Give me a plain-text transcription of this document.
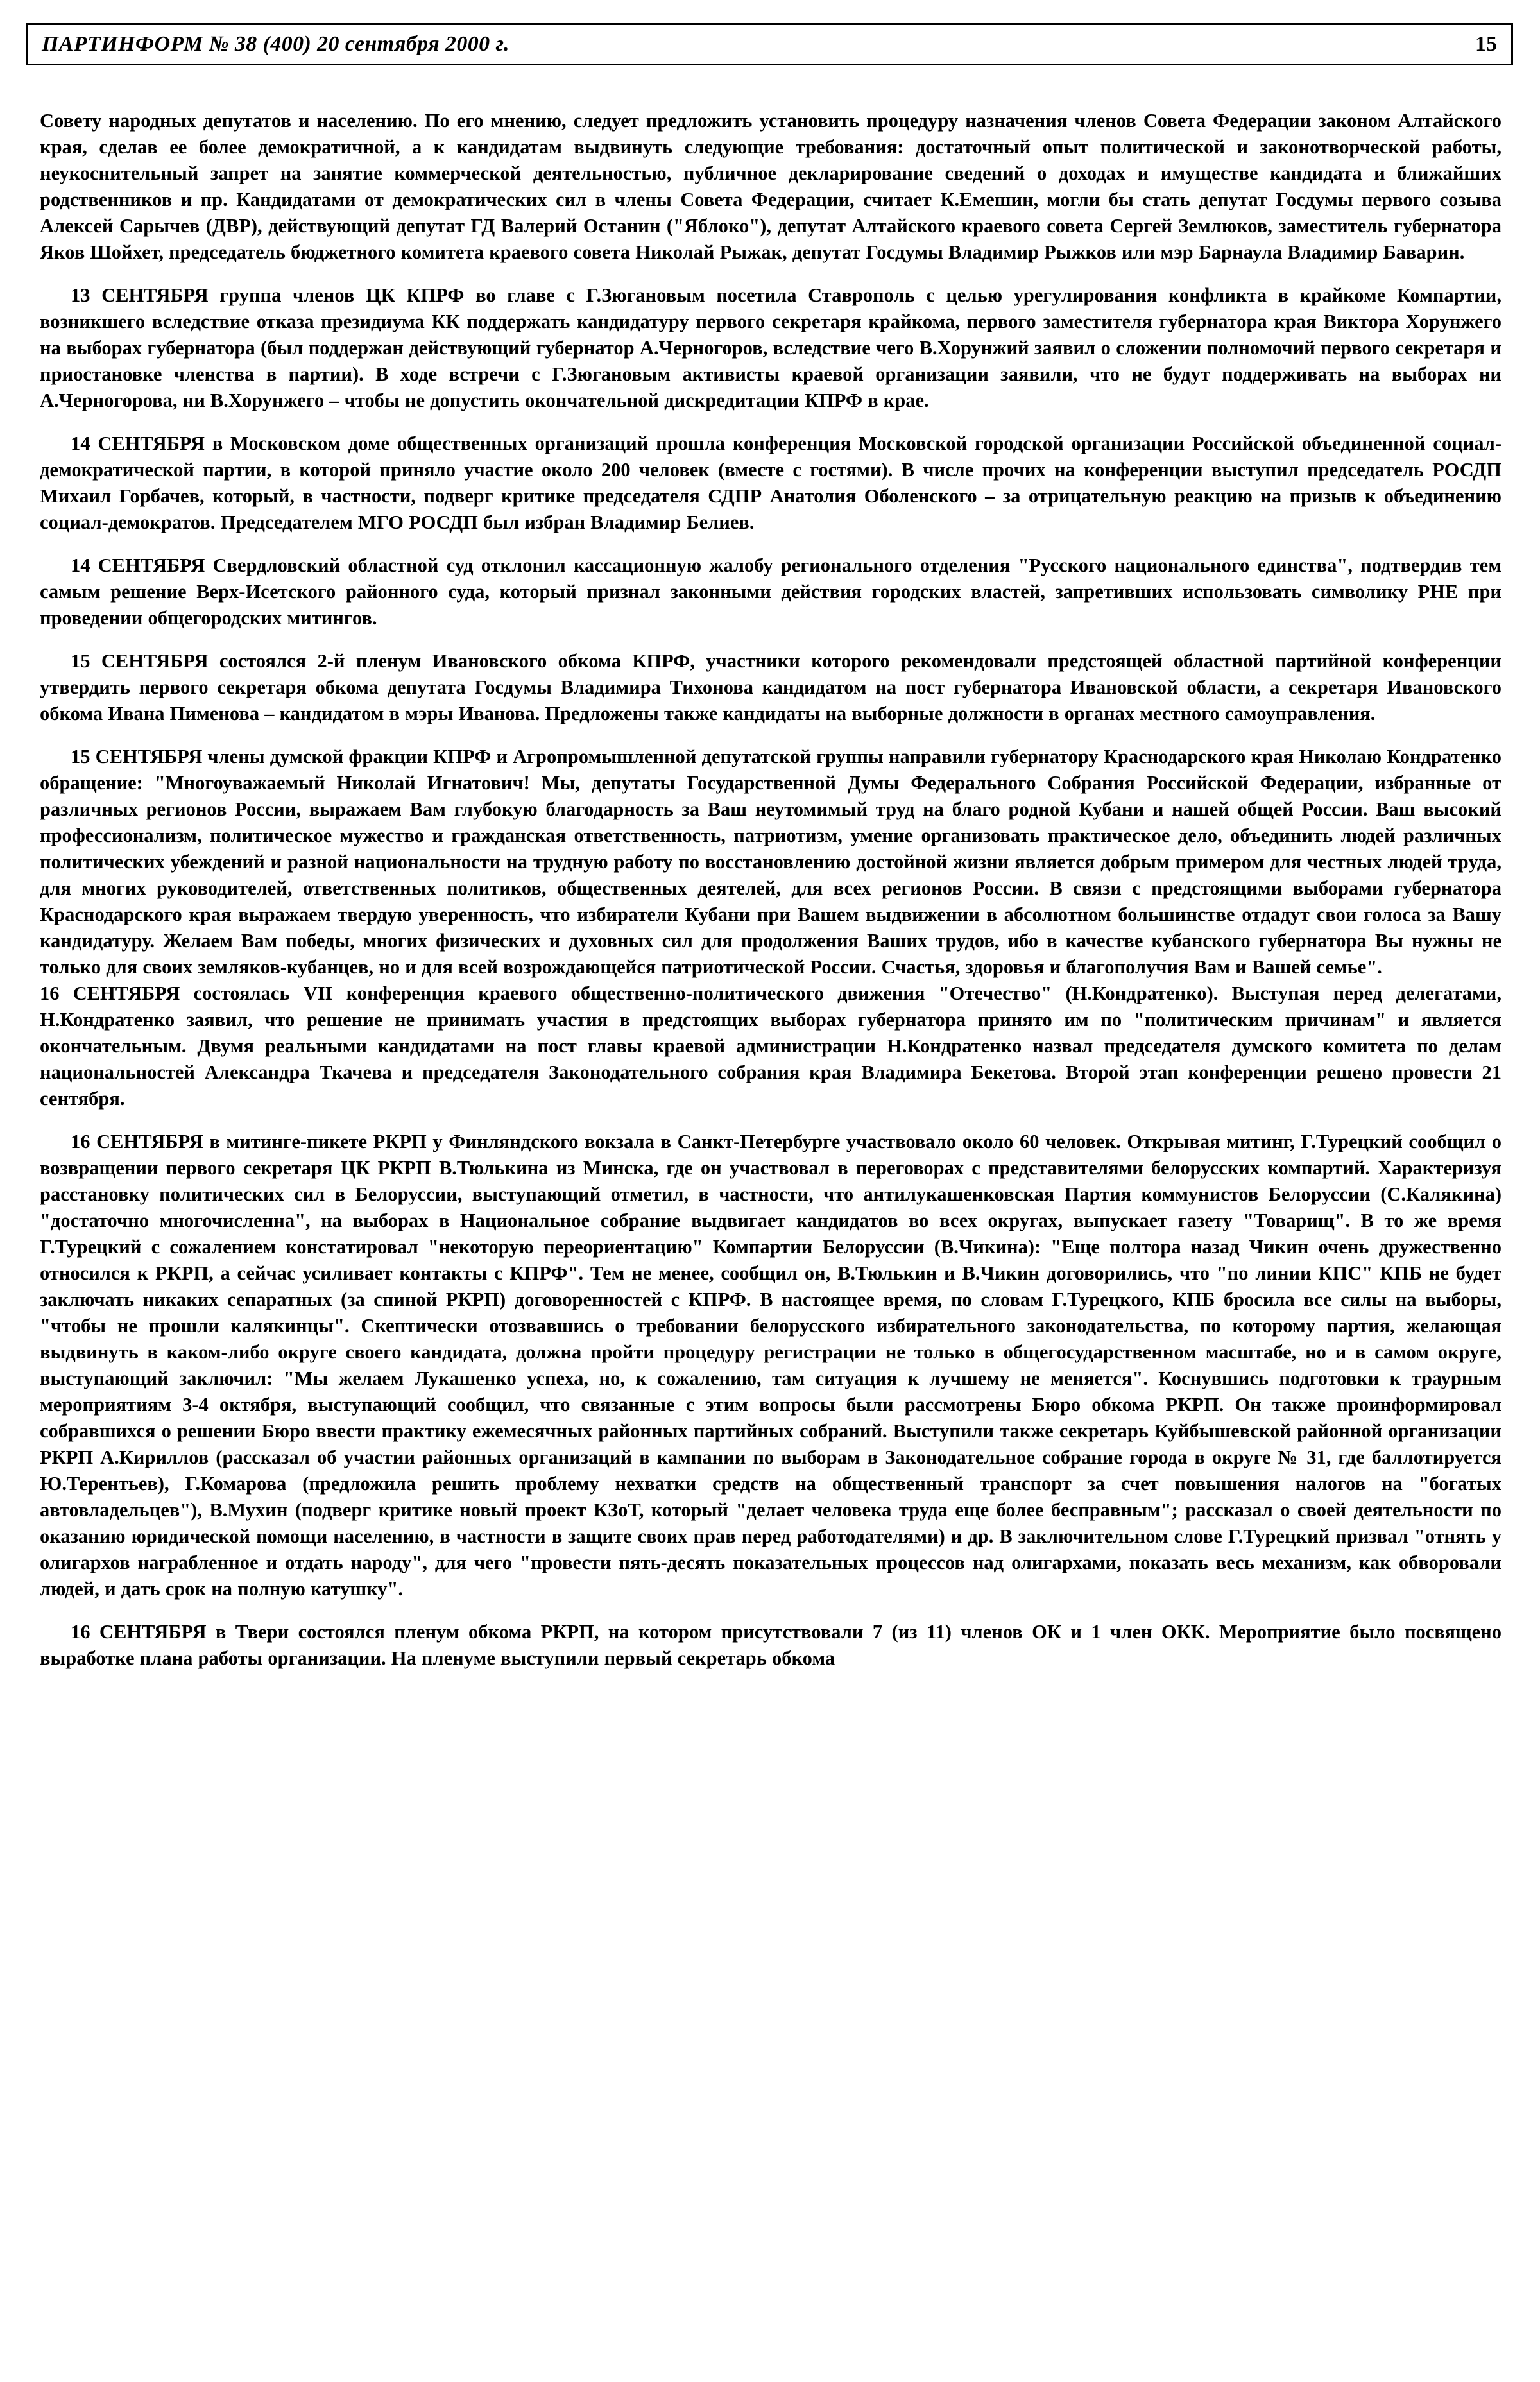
ПАРТИНФОРМ № 38 (400) 20 сентября 2000 г.	15

Совету народных депутатов и населению. По его мнению, следует предложить установить процедуру назначения членов Совета Федерации законом Алтайского края, сделав ее более демократичной, а к кандидатам выдвинуть следующие требования: достаточный опыт политической и законотворческой работы, неукоснительный запрет на занятие коммерческой деятельностью, публичное декларирование сведений о доходах и имуществе кандидата и ближайших родственников и пр. Кандидатами от демократических сил в члены Совета Федерации, считает К.Емешин, могли бы стать депутат Госдумы первого созыва Алексей Сарычев (ДВР), действующий депутат ГД Валерий Останин ("Яблоко"), депутат Алтайского краевого совета Сергей Землюков, заместитель губернатора Яков Шойхет, председатель бюджетного комитета краевого совета Николай Рыжак, депутат Госдумы Владимир Рыжков или мэр Барнаула Владимир Баварин.

13 СЕНТЯБРЯ группа членов ЦК КПРФ во главе с Г.Зюгановым посетила Ставрополь с целью урегулирования конфликта в крайкоме Компартии, возникшего вследствие отказа президиума КК поддержать кандидатуру первого секретаря крайкома, первого заместителя губернатора края Виктора Хорунжего на выборах губернатора (был поддержан действующий губернатор А.Черногоров, вследствие чего В.Хорунжий заявил о сложении полномочий первого секретаря и приостановке членства в партии). В ходе встречи с Г.Зюгановым активисты краевой организации заявили, что не будут поддерживать на выборах ни А.Черногорова, ни В.Хорунжего – чтобы не допустить окончательной дискредитации КПРФ в крае.

14 СЕНТЯБРЯ в Московском доме общественных организаций прошла конференция Московской городской организации Российской объединенной социал-демократической партии, в которой приняло участие около 200 человек (вместе с гостями). В числе прочих на конференции выступил председатель РОСДП Михаил Горбачев, который, в частности, подверг критике председателя СДПР Анатолия Оболенского – за отрицательную реакцию на призыв к объединению социал-демократов. Председателем МГО РОСДП был избран Владимир Белиев.

14 СЕНТЯБРЯ Свердловский областной суд отклонил кассационную жалобу регионального отделения "Русского национального единства", подтвердив тем самым решение Верх-Исетского районного суда, который признал законными действия городских властей, запретивших использовать символику РНЕ при проведении общегородских митингов.

15 СЕНТЯБРЯ состоялся 2-й пленум Ивановского обкома КПРФ, участники которого рекомендовали предстоящей областной партийной конференции утвердить первого секретаря обкома депутата Госдумы Владимира Тихонова кандидатом на пост губернатора Ивановской области, а секретаря Ивановского обкома Ивана Пименова – кандидатом в мэры Иванова. Предложены также кандидаты на выборные должности в органах местного самоуправления.

15 СЕНТЯБРЯ члены думской фракции КПРФ и Агропромышленной депутатской группы направили губернатору Краснодарского края Николаю Кондратенко обращение: "Многоуважаемый Николай Игнатович! Мы, депутаты Государственной Думы Федерального Собрания Российской Федерации, избранные от различных регионов России, выражаем Вам глубокую благодарность за Ваш неутомимый труд на благо родной Кубани и нашей общей России. Ваш высокий профессионализм, политическое мужество и гражданская ответственность, патриотизм, умение организовать практическое дело, объединить людей различных политических убеждений и разной национальности на трудную работу по восстановлению достойной жизни является добрым примером для честных людей труда, для многих руководителей, ответственных политиков, общественных деятелей, для всех регионов России. В связи с предстоящими выборами губернатора Краснодарского края выражаем твердую уверенность, что избиратели Кубани при Вашем выдвижении в абсолютном большинстве отдадут свои голоса за Вашу кандидатуру. Желаем Вам победы, многих физических и духовных сил для продолжения Ваших трудов, ибо в качестве кубанского губернатора Вы нужны не только для своих земляков-кубанцев, но и для всей возрождающейся патриотической России. Счастья, здоровья и благополучия Вам и Вашей семье".

16 СЕНТЯБРЯ состоялась VII конференция краевого общественно-политического движения "Отечество" (Н.Кондратенко). Выступая перед делегатами, Н.Кондратенко заявил, что решение не принимать участия в предстоящих выборах губернатора принято им по "политическим причинам" и является окончательным. Двумя реальными кандидатами на пост главы краевой администрации Н.Кондратенко назвал председателя думского комитета по делам национальностей Александра Ткачева и председателя Законодательного собрания края Владимира Бекетова. Второй этап конференции решено провести 21 сентября.

16 СЕНТЯБРЯ в митинге-пикете РКРП у Финляндского вокзала в Санкт-Петербурге участвовало около 60 человек. Открывая митинг, Г.Турецкий сообщил о возвращении первого секретаря ЦК РКРП В.Тюлькина из Минска, где он участвовал в переговорах с представителями белорусских компартий. Характеризуя расстановку политических сил в Белоруссии, выступающий отметил, в частности, что антилукашенковская Партия коммунистов Белоруссии (С.Калякина) "достаточно многочисленна", на выборах в Национальное собрание выдвигает кандидатов во всех округах, выпускает газету "Товарищ". В то же время Г.Турецкий с сожалением констатировал "некоторую переориентацию" Компартии Белоруссии (В.Чикина): "Еще полтора назад Чикин очень дружественно относился к РКРП, а сейчас усиливает контакты с КПРФ". Тем не менее, сообщил он, В.Тюлькин и В.Чикин договорились, что "по линии КПС" КПБ не будет заключать никаких сепаратных (за спиной РКРП) договоренностей с КПРФ. В настоящее время, по словам Г.Турецкого, КПБ бросила все силы на выборы, "чтобы не прошли калякинцы". Скептически отозвавшись о требовании белорусского избирательного законодательства, по которому партия, желающая выдвинуть в каком-либо округе своего кандидата, должна пройти процедуру регистрации не только в общегосударственном масштабе, но и в самом округе, выступающий заключил: "Мы желаем Лукашенко успеха, но, к сожалению, там ситуация к лучшему не меняется". Коснувшись подготовки к траурным мероприятиям 3-4 октября, выступающий сообщил, что связанные с этим вопросы были рассмотрены Бюро обкома РКРП. Он также проинформировал собравшихся о решении Бюро ввести практику ежемесячных районных партийных собраний. Выступили также секретарь Куйбышевской районной организации РКРП А.Кириллов (рассказал об участии районных организаций в кампании по выборам в Законодательное собрание города в округе № 31, где баллотируется Ю.Терентьев), Г.Комарова (предложила решить проблему нехватки средств на общественный транспорт за счет повышения налогов на "богатых автовладельцев"), В.Мухин (подверг критике новый проект КЗоТ, который "делает человека труда еще более бесправным"; рассказал о своей деятельности по оказанию юридической помощи населению, в частности в защите своих прав перед работодателями) и др. В заключительном слове Г.Турецкий призвал "отнять у олигархов награбленное и отдать народу", для чего "провести пять-десять показательных процессов над олигархами, показать весь механизм, как обворовали людей, и дать срок на полную катушку".

16 СЕНТЯБРЯ в Твери состоялся пленум обкома РКРП, на котором присутствовали 7 (из 11) членов ОК и 1 член ОКК. Мероприятие было посвящено выработке плана работы организации. На пленуме выступили первый секретарь обкома
